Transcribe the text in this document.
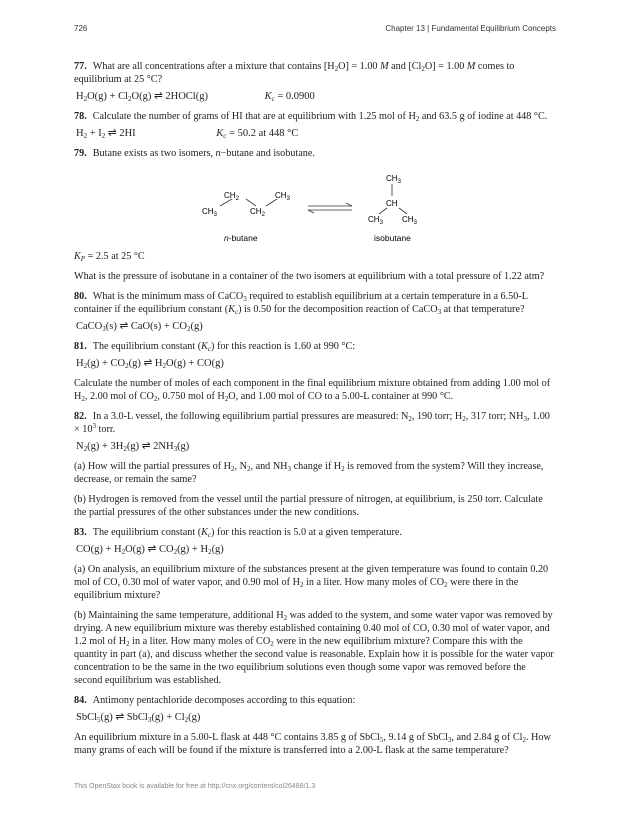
726	Chapter 13 | Fundamental Equilibrium Concepts
77. What are all concentrations after a mixture that contains $[H_2O] = 1.00$ M and $[Cl_2O] = 1.00$ M comes to equilibrium at 25 °C?
$H_2O(g) + Cl_2O(g)$ ⇌ 2HOCl(g)	$K_c = 0.0900$
78. Calculate the number of grams of HI that are at equilibrium with 1.25 mol of $H_2$ and 63.5 g of iodine at 448 °C.
$H_2 + I_2$ ⇌ 2HI	$K_c = 50.2$ at 448 °C
79. Butane exists as two isomers, n−butane and isobutane.
$CH_3$
$CH_2$
$CH_2$
$CH_3$
$CH_3$
CH
$CH_3$ $CH_3$
n-butane	isobutane

$K_P = 2.5$ at 25 °C

What is the pressure of isobutane in a container of the two isomers at equilibrium with a total pressure of 1.22 atm?

80. What is the minimum mass of CaCO$_3$ required to establish equilibrium at a certain temperature in a 6.50-L container if the equilibrium constant $(K_c)$ is 0.50 for the decomposition reaction of CaCO$_3$ at that temperature?
CaCO$_3$(s) ⇌ $CaO(s) + CO_2(g)$
81. The equilibrium constant $(K_c)$ for this reaction is 1.60 at 990 °C:
$H_2(g) + CO_2(g)$ ⇌ $H_2O(g) + CO(g)$

Calculate the number of moles of each component in the final equilibrium mixture obtained from adding 1.00 mol of $H_2$, 2.00 mol of $CO_2$, 0.750 mol of $H_2O$, and 1.00 mol of CO to a 5.00-L container at 990 °C.

82. In a 3.0-L vessel, the following equilibrium partial pressures are measured: $N_2$, 190 torr; $H_2$, 317 torr; $NH_3$, $1.00 \times 10^3$ torr.
$N_2(g) + 3H_2(g)$ ⇌ $2NH_3(g)$

(a) How will the partial pressures of $H_2$, $N_2$, and $NH_3$ change if $H_2$ is removed from the system? Will they increase, decrease, or remain the same?

(b) Hydrogen is removed from the vessel until the partial pressure of nitrogen, at equilibrium, is 250 torr. Calculate the partial pressures of the other substances under the new conditions.

83. The equilibrium constant $(K_c)$ for this reaction is 5.0 at a given temperature.
$CO(g) + H_2O(g)$ ⇌ $CO_2(g) + H_2(g)$

(a) On analysis, an equilibrium mixture of the substances present at the given temperature was found to contain 0.20 mol of CO, 0.30 mol of water vapor, and 0.90 mol of $H_2$ in a liter. How many moles of $CO_2$ were there in the equilibrium mixture?

(b) Maintaining the same temperature, additional $H_2$ was added to the system, and some water vapor was removed by drying. A new equilibrium mixture was thereby established containing 0.40 mol of CO, 0.30 mol of water vapor, and 1.2 mol of $H_2$ in a liter. How many moles of $CO_2$ were in the new equilibrium mixture? Compare this with the quantity in part (a), and discuss whether the second value is reasonable. Explain how it is possible for the water vapor concentration to be the same in the two equilibrium solutions even though some vapor was removed before the second equilibrium was established.

84. Antimony pentachloride decomposes according to this equation:
SbCl$_5$(g) ⇌ SbCl$_3$(g) + $Cl_2(g)$

An equilibrium mixture in a 5.00-L flask at 448 °C contains 3.85 g of SbCl$_5$, 9.14 g of SbCl$_3$, and 2.84 g of $Cl_2$. How many grams of each will be found if the mixture is transferred into a 2.00-L flask at the same temperature?

This OpenStax book is available for free at http://cnx.org/content/col26488/1.3
